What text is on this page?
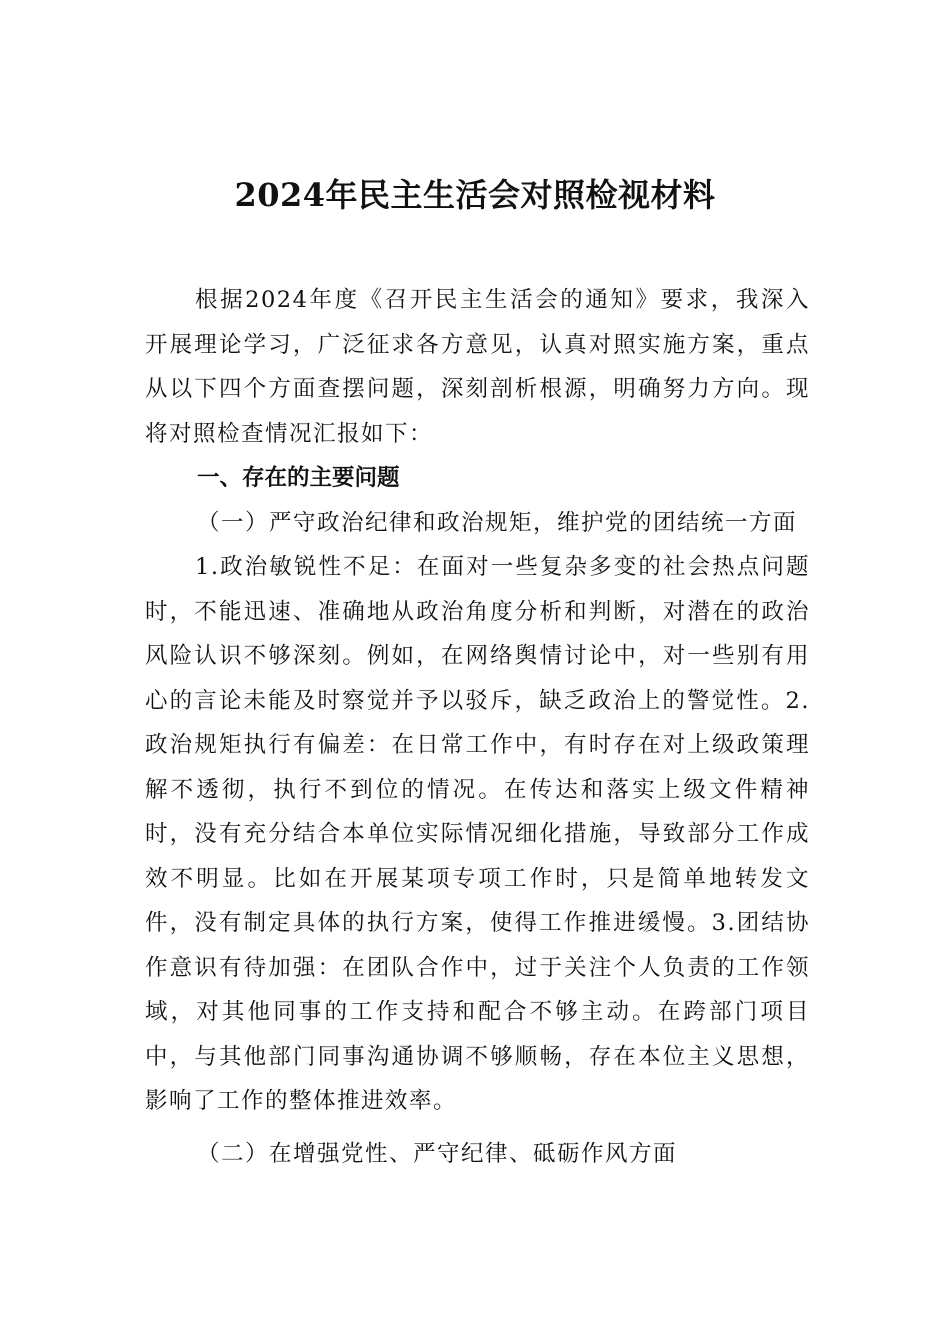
2024年民主生活会对照检视材料

根据2024年度《召开民主生活会的通知》要求，我深入开展理论学习，广泛征求各方意见，认真对照实施方案，重点从以下四个方面查摆问题，深刻剖析根源，明确努力方向。现将对照检查情况汇报如下：

一、存在的主要问题

（一）严守政治纪律和政治规矩，维护党的团结统一方面

1.政治敏锐性不足：在面对一些复杂多变的社会热点问题时，不能迅速、准确地从政治角度分析和判断，对潜在的政治风险认识不够深刻。例如，在网络舆情讨论中，对一些别有用心的言论未能及时察觉并予以驳斥，缺乏政治上的警觉性。2.政治规矩执行有偏差：在日常工作中，有时存在对上级政策理解不透彻，执行不到位的情况。在传达和落实上级文件精神时，没有充分结合本单位实际情况细化措施，导致部分工作成效不明显。比如在开展某项专项工作时，只是简单地转发文件，没有制定具体的执行方案，使得工作推进缓慢。3.团结协作意识有待加强：在团队合作中，过于关注个人负责的工作领域，对其他同事的工作支持和配合不够主动。在跨部门项目中，与其他部门同事沟通协调不够顺畅，存在本位主义思想，影响了工作的整体推进效率。

（二）在增强党性、严守纪律、砥砺作风方面
